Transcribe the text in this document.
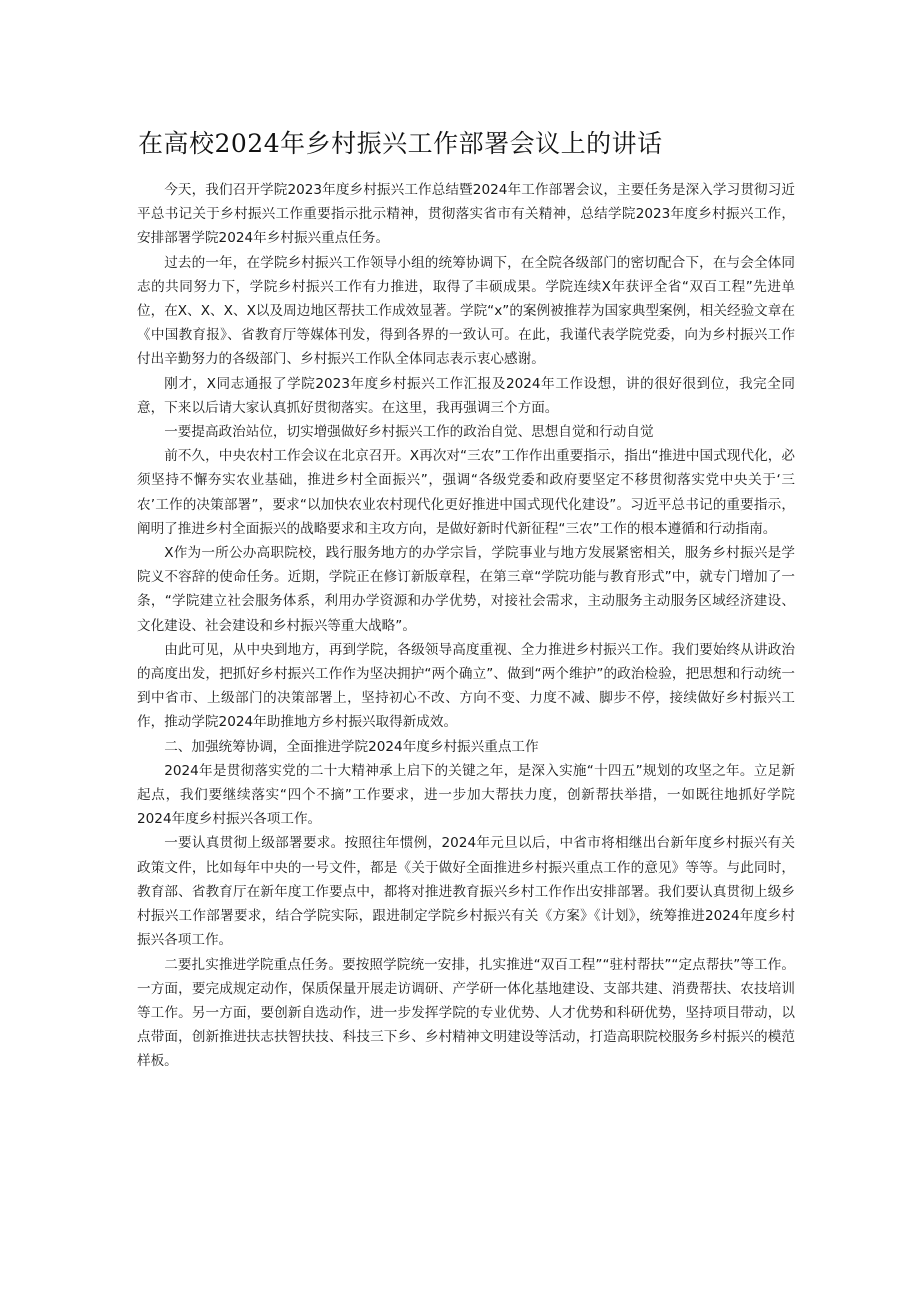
在高校2024年乡村振兴工作部署会议上的讲话

今天，我们召开学院2023年度乡村振兴工作总结暨2024年工作部署会议，主要任务是深入学习贯彻习近平总书记关于乡村振兴工作重要指示批示精神，贯彻落实省市有关精神，总结学院2023年度乡村振兴工作，安排部署学院2024年乡村振兴重点任务。

过去的一年，在学院乡村振兴工作领导小组的统筹协调下，在全院各级部门的密切配合下，在与会全体同志的共同努力下，学院乡村振兴工作有力推进，取得了丰硕成果。学院连续X年获评全省“双百工程”先进单位，在X、X、X、X以及周边地区帮扶工作成效显著。学院“x”的案例被推荐为国家典型案例，相关经验文章在《中国教育报》、省教育厅等媒体刊发，得到各界的一致认可。在此，我谨代表学院党委，向为乡村振兴工作付出辛勤努力的各级部门、乡村振兴工作队全体同志表示衷心感谢。

刚才，X同志通报了学院2023年度乡村振兴工作汇报及2024年工作设想，讲的很好很到位，我完全同意，下来以后请大家认真抓好贯彻落实。在这里，我再强调三个方面。

一要提高政治站位，切实增强做好乡村振兴工作的政治自觉、思想自觉和行动自觉

前不久，中央农村工作会议在北京召开。X再次对“三农”工作作出重要指示，指出“推进中国式现代化，必须坚持不懈夯实农业基础，推进乡村全面振兴”，强调“各级党委和政府要坚定不移贯彻落实党中央关于‘三农’工作的决策部署”，要求“以加快农业农村现代化更好推进中国式现代化建设”。习近平总书记的重要指示，阐明了推进乡村全面振兴的战略要求和主攻方向，是做好新时代新征程“三农”工作的根本遵循和行动指南。

X作为一所公办高职院校，践行服务地方的办学宗旨，学院事业与地方发展紧密相关，服务乡村振兴是学院义不容辞的使命任务。近期，学院正在修订新版章程，在第三章“学院功能与教育形式”中，就专门增加了一条，“学院建立社会服务体系，利用办学资源和办学优势，对接社会需求，主动服务主动服务区域经济建设、文化建设、社会建设和乡村振兴等重大战略”。

由此可见，从中央到地方，再到学院，各级领导高度重视、全力推进乡村振兴工作。我们要始终从讲政治的高度出发，把抓好乡村振兴工作作为坚决拥护“两个确立”、做到“两个维护”的政治检验，把思想和行动统一到中省市、上级部门的决策部署上，坚持初心不改、方向不变、力度不减、脚步不停，接续做好乡村振兴工作，推动学院2024年助推地方乡村振兴取得新成效。

二、加强统筹协调，全面推进学院2024年度乡村振兴重点工作

2024年是贯彻落实党的二十大精神承上启下的关键之年，是深入实施“十四五”规划的攻坚之年。立足新起点，我们要继续落实“四个不摘”工作要求，进一步加大帮扶力度，创新帮扶举措，一如既往地抓好学院2024年度乡村振兴各项工作。

一要认真贯彻上级部署要求。按照往年惯例，2024年元旦以后，中省市将相继出台新年度乡村振兴有关政策文件，比如每年中央的一号文件，都是《关于做好全面推进乡村振兴重点工作的意见》等等。与此同时，教育部、省教育厅在新年度工作要点中，都将对推进教育振兴乡村工作作出安排部署。我们要认真贯彻上级乡村振兴工作部署要求，结合学院实际，跟进制定学院乡村振兴有关《方案》《计划》，统筹推进2024年度乡村振兴各项工作。

二要扎实推进学院重点任务。要按照学院统一安排，扎实推进“双百工程”“驻村帮扶”“定点帮扶”等工作。一方面，要完成规定动作，保质保量开展走访调研、产学研一体化基地建设、支部共建、消费帮扶、农技培训等工作。另一方面，要创新自选动作，进一步发挥学院的专业优势、人才优势和科研优势，坚持项目带动，以点带面，创新推进扶志扶智扶技、科技三下乡、乡村精神文明建设等活动，打造高职院校服务乡村振兴的模范样板。
